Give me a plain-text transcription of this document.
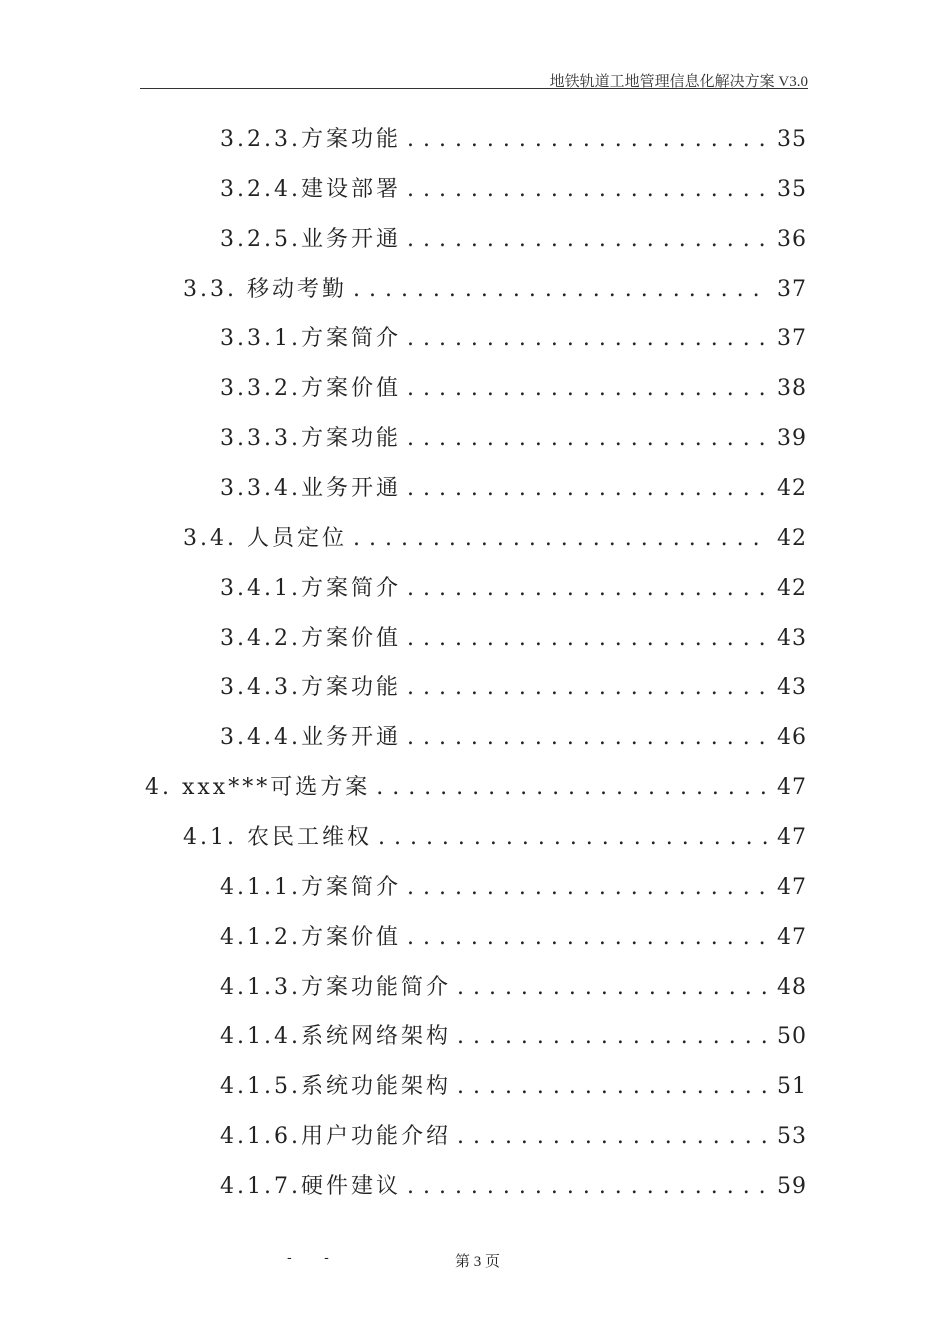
地铁轨道工地管理信息化解决方案 V3.0
3.2.3.方案功能 . . .	35
3.2.4.建设部署 . . .	35
3.2.5.业务开通 . . .	36
3.3. 移动考勤 . . .	37
3.3.1.方案简介 . . .	37
3.3.2.方案价值 . . .	38
3.3.3.方案功能 . . .	39
3.3.4.业务开通 . . .	42
3.4. 人员定位 . . .	42
3.4.1.方案简介 . . .	42
3.4.2.方案价值 . . .	43
3.4.3.方案功能 . . .	43
3.4.4.业务开通 . . .	46
4. xxx***可选方案 . . .	47
4.1. 农民工维权 . . .	47
4.1.1.方案简介 . . .	47
4.1.2.方案价值 . . .	47
4.1.3.方案功能简介 . . .	48
4.1.4.系统网络架构 . . .	50
4.1.5.系统功能架构 . . .	51
4.1.6.用户功能介绍 . . .	53
4.1.7.硬件建议 . . .	59
- -	第 3 页
